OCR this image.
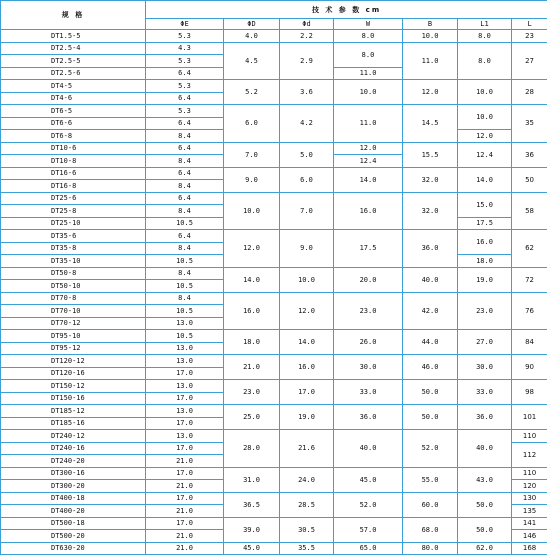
规 格	技 术 参 数 cm							
	ΦE	ΦD	Φd	W	B	L1	L	
DT1.5-5	5.3	4.0	2.2	8.0	10.0	8.0	23	
DT2.5-4	4.3	4.5	2.9	8.0	11.0	8.0	27	
DT2.5-5	5.3							
DT2.5-6	6.4			11.0	
DT4-5	5.3	5.2	3.6	10.0	12.0	10.0	28	
DT4-6	6.4							
DT6-5	5.3	6.0	4.2	11.0	14.5	10.0	35	
DT6-6	6.4							
DT6-8	8.4					12.0		
DT10-6	6.4	7.0	5.0	12.0	15.5	12.4	36	
DT10-8	8.4			12.4				
DT16-6	6.4	9.0	6.0	14.0	32.0	14.0	50	
DT16-8	8.4							
DT25-6	6.4	10.0	7.0	16.0	32.0	15.0	58	
DT25-8	8.4							
DT25-10	10.5					17.5		
DT35-6	6.4	12.0	9.0	17.5	36.0	16.0	62	
DT35-8	8.4							
DT35-10	10.5					18.0		
DT50-8	8.4	14.0	10.0	20.0	40.0	19.0	72	
DT50-10	10.5							
DT70-8	8.4	16.0	12.0	23.0	42.0	23.0	76	
DT70-10	10.5							
DT70-12	13.0							
DT95-10	10.5	18.0	14.0	26.0	44.0	27.0	84	
DT95-12	13.0							
DT120-12	13.0	21.0	16.0	30.0	46.0	30.0	90	
DT120-16	17.0							
DT150-12	13.0	23.0	17.0	33.0	50.0	33.0	98	
DT150-16	17.0							
DT185-12	13.0	25.0	19.0	36.0	50.0	36.0	101	
DT185-16	17.0							
DT240-12	13.0	28.0	21.6	40.0	52.0	40.0	110	
DT240-16	17.0						112	
DT240-20	21.0							
DT300-16	17.0	31.0	24.0	45.0	55.0	43.0	110	
DT300-20	21.0						120	
DT400-18	17.0	36.5	28.5	52.0	60.0	50.0	130	
DT400-20	21.0						135	
DT500-18	17.0	39.0	30.5	57.0	68.0	50.0	141	
DT500-20	21.0						146	
DT630-20	21.0	45.0	35.5	65.0	80.0	62.0	168	
